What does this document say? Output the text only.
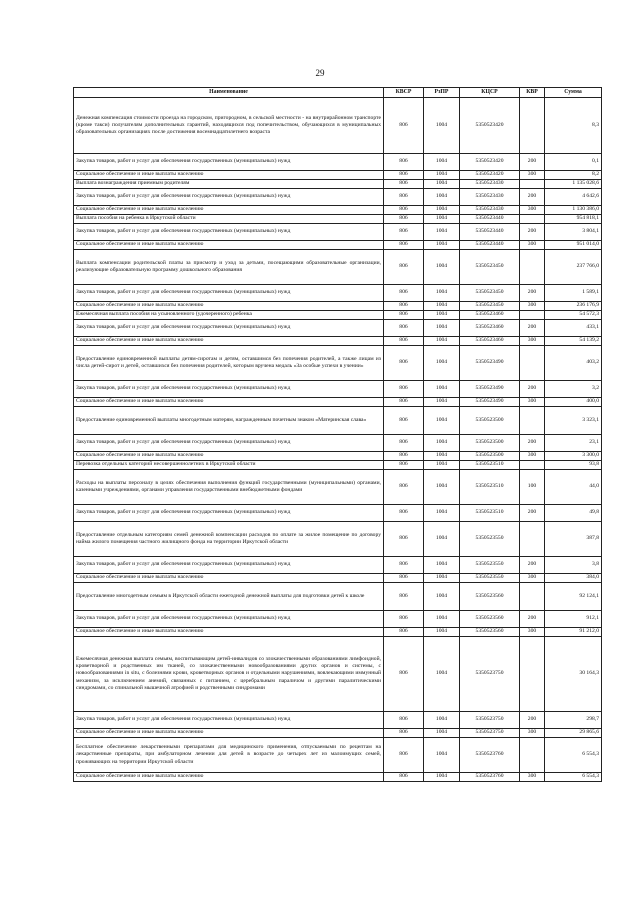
29
Наименование	КВСР	РзПР	КЦСР	КВР	Сумма
Денежная компенсация стоимости проезда на городском, пригородном, в сельской местности - на внутрирайонном транспорте (кроме такси) получателям дополнительных гарантий, находящихся под попечительством, обучающихся в муниципальных образовательных организациях после достижения восемнадцатилетнего возраста	806	1004	5350523420		8,3
Закупка товаров, работ и услуг для обеспечения государственных (муниципальных) нужд	806	1004	5350523420	200	0,1
Социальное обеспечение и иные выплаты населению	806	1004	5350523420	300	8,2
Выплата вознаграждения приемным родителям	806	1004	5350523430		1 135 028,6
Закупка товаров, работ и услуг для обеспечения государственных (муниципальных) нужд	806	1004	5350523430	200	4 642,6
Социальное обеспечение и иные выплаты населению	806	1004	5350523430	300	1 130 386,0
Выплата пособия на ребенка в Иркутской области	806	1004	5350523440		954 818,1
Закупка товаров, работ и услуг для обеспечения государственных (муниципальных) нужд	806	1004	5350523440	200	3 804,1
Социальное обеспечение и иные выплаты населению	806	1004	5350523440	300	951 014,0
Выплата компенсации родительской платы за присмотр и уход за детьми, посещающими образовательные организации, реализующие образовательную программу дошкольного образования	806	1004	5350523450		237 766,0
Закупка товаров, работ и услуг для обеспечения государственных (муниципальных) нужд	806	1004	5350523450	200	1 589,1
Социальное обеспечение и иные выплаты населению	806	1004	5350523450	300	236 176,9
Ежемесячная выплата пособия на усыновленного (удочеренного) ребенка	806	1004	5350523460		54 572,3
Закупка товаров, работ и услуг для обеспечения государственных (муниципальных) нужд	806	1004	5350523460	200	433,1
Социальное обеспечение и иные выплаты населению	806	1004	5350523460	300	54 139,2
Предоставление единовременной выплаты детям-сиротам и детям, оставшимся без попечения родителей, а также лицам из числа детей-сирот и детей, оставшихся без попечения родителей, которым вручена медаль «За особые успехи в учении»	806	1004	5350523490		403,2
Закупка товаров, работ и услуг для обеспечения государственных (муниципальных) нужд	806	1004	5350523490	200	3,2
Социальное обеспечение и иные выплаты населению	806	1004	5350523490	300	400,0
Предоставление единовременной выплаты многодетным матерям, награжденным почетным знаком «Материнская слава»	806	1004	5350523500		3 323,1
Закупка товаров, работ и услуг для обеспечения государственных (муниципальных) нужд	806	1004	5350523500	200	23,1
Социальное обеспечение и иные выплаты населению	806	1004	5350523500	300	3 300,0
Перевозка отдельных категорий несовершеннолетних в Иркутской области	806	1004	5350523510		93,8
Расходы на выплаты персоналу в целях обеспечения выполнения функций государственными (муниципальными) органами, казенными учреждениями, органами управления государственными внебюджетными фондами	806	1004	5350523510	100	44,0
Закупка товаров, работ и услуг для обеспечения государственных (муниципальных) нужд	806	1004	5350523510	200	49,8
Предоставление отдельным категориям семей денежной компенсации расходов по оплате за жилое помещение по договору найма жилого помещения частного жилищного фонда на территории Иркутской области	806	1004	5350523550		387,8
Закупка товаров, работ и услуг для обеспечения государственных (муниципальных) нужд	806	1004	5350523550	200	3,8
Социальное обеспечение и иные выплаты населению	806	1004	5350523550	300	384,0
Предоставление многодетным семьям в Иркутской области ежегодной денежной выплаты для подготовки детей к школе	806	1004	5350523560		92 124,1
Закупка товаров, работ и услуг для обеспечения государственных (муниципальных) нужд	806	1004	5350523560	200	912,1
Социальное обеспечение и иные выплаты населению	806	1004	5350523560	300	91 212,0
Ежемесячная денежная выплата семьям, воспитывающим детей-инвалидов со злокачественными образованиями лимфоидной, кроветворной и родственных им тканей, со злокачественными новообразованиями других органов и системы, с новообразованиями in situ, с болезнями крови, кроветворных органов и отдельными нарушениями, вовлекающими иммунный механизм, за исключением анемий, связанных с питанием, с церебральным параличом и другими паралитическими синдромами, со спинальной мышечной атрофией и родственными синдромами	806	1004	5350523750		30 164,3
Закупка товаров, работ и услуг для обеспечения государственных (муниципальных) нужд	806	1004	5350523750	200	298,7
Социальное обеспечение и иные выплаты населению	806	1004	5350523750	300	29 865,6
Бесплатное обеспечение лекарственными препаратами для медицинского применения, отпускаемыми по рецептам на лекарственные препараты, при амбулаторном лечении для детей в возрасте до четырех лет из малоимущих семей, проживающих на территории Иркутской области	806	1004	5350523760		6 554,3
Социальное обеспечение и иные выплаты населению	806	1004	5350523760	300	6 554,3
